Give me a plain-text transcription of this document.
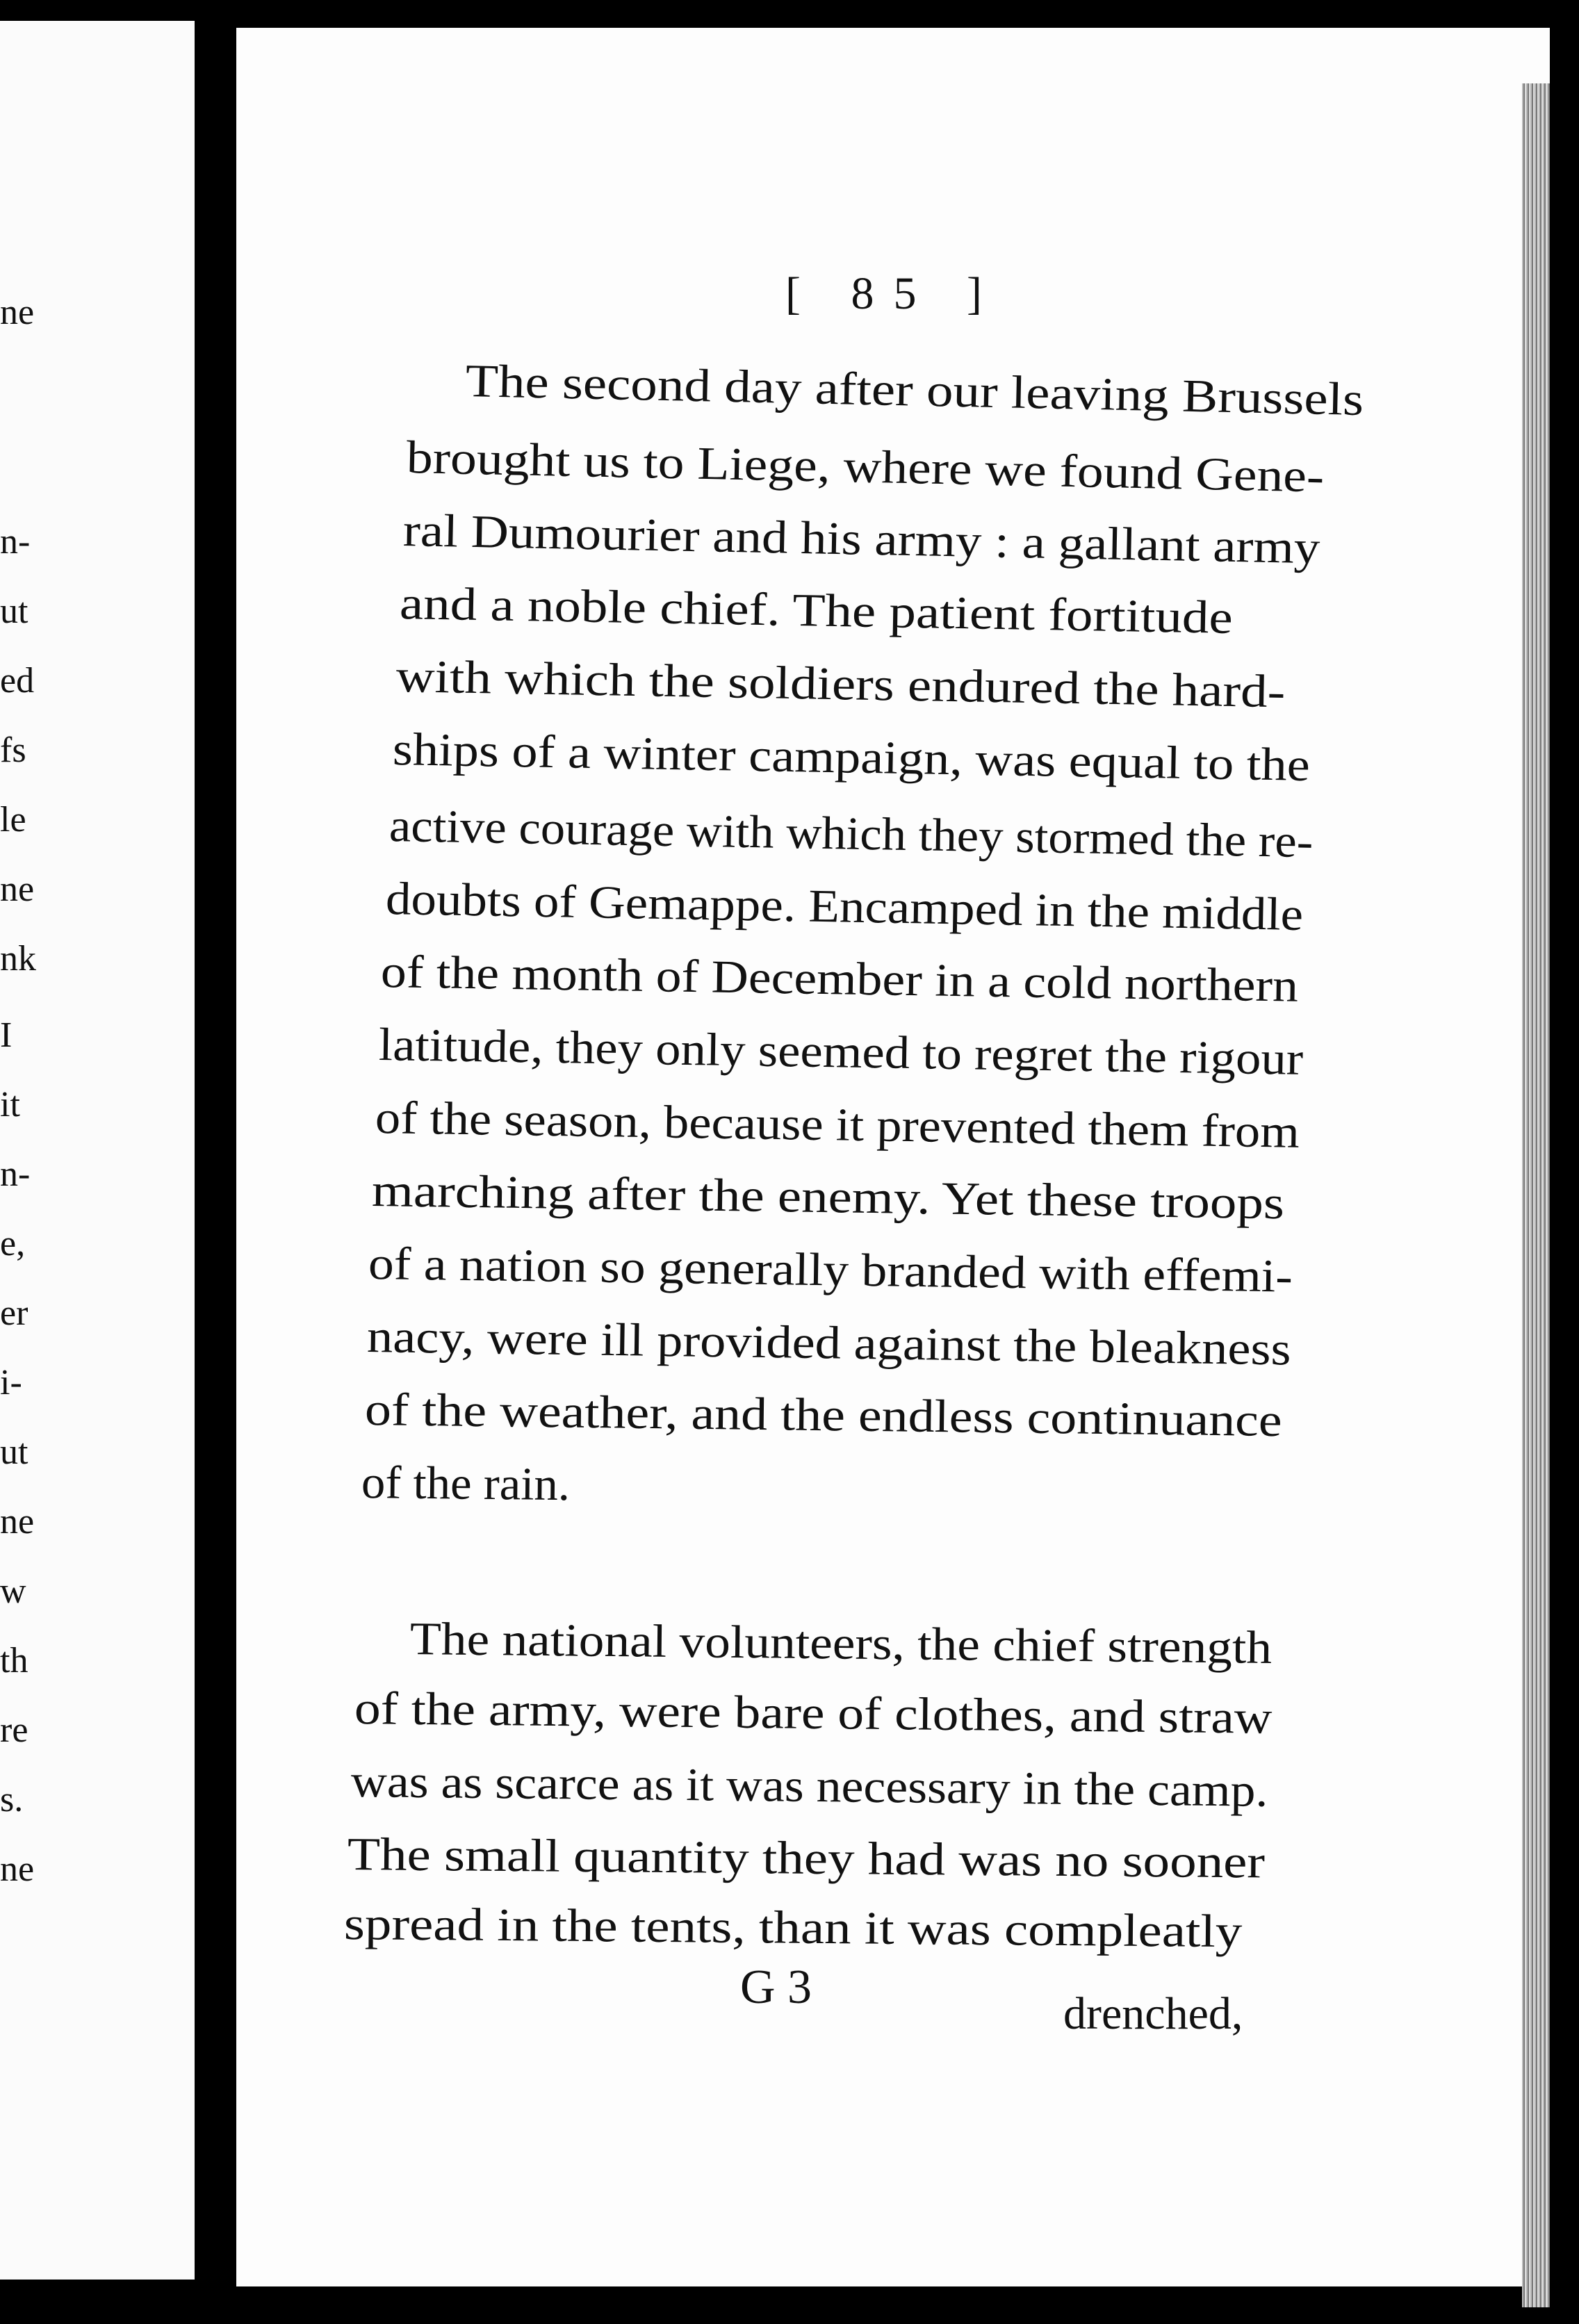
ne
n-
ut
ed
fs
le
ne
nk
I
it
n-
e,
er
i-
ut
ne
w
th
re
s.
ne
[ 85 ]
The second day after our leaving Brussels
brought us to Liege, where we found Gene-
ral Dumourier and his army : a gallant army
and a noble chief. The patient fortitude
with which the soldiers endured the hard-
ships of a winter campaign, was equal to the
active courage with which they stormed the re-
doubts of Gemappe. Encamped in the middle
of the month of December in a cold northern
latitude, they only seemed to regret the rigour
of the season, because it prevented them from
marching after the enemy. Yet these troops
of a nation so generally branded with effemi-
nacy, were ill provided against the bleakness
of the weather, and the endless continuance
of the rain.
The national volunteers, the chief strength
of the army, were bare of clothes, and straw
was as scarce as it was necessary in the camp.
The small quantity they had was no sooner
spread in the tents, than it was compleatly
G 3	drenched,
